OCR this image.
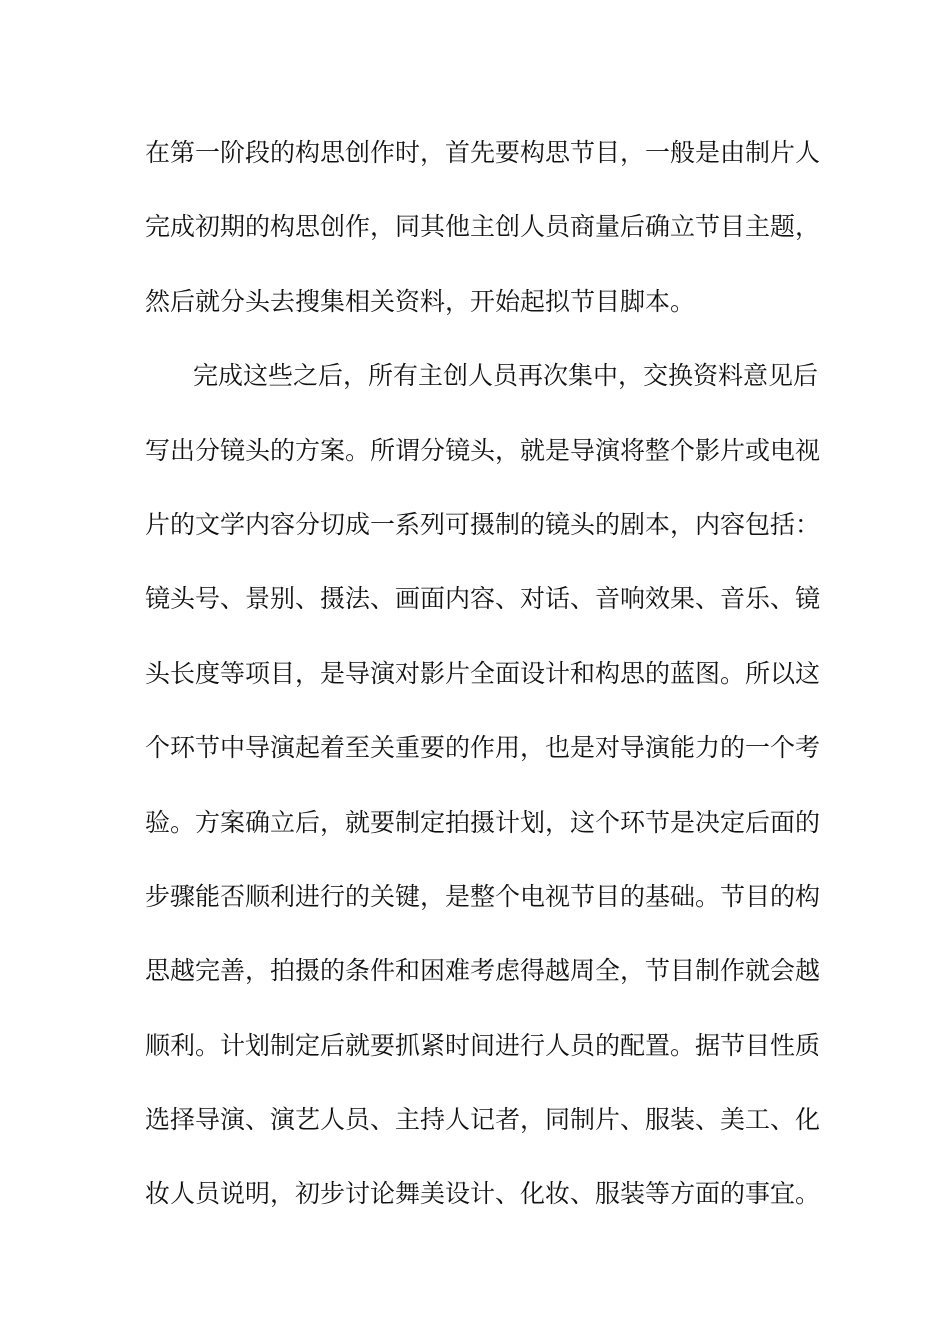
在第一阶段的构思创作时，首先要构思节目，一般是由制片人
完成初期的构思创作，同其他主创人员商量后确立节目主题，
然后就分头去搜集相关资料，开始起拟节目脚本。
完成这些之后，所有主创人员再次集中，交换资料意见后
写出分镜头的方案。所谓分镜头，就是导演将整个影片或电视
片的文学内容分切成一系列可摄制的镜头的剧本，内容包括：
镜头号、景别、摄法、画面内容、对话、音响效果、音乐、镜
头长度等项目，是导演对影片全面设计和构思的蓝图。所以这
个环节中导演起着至关重要的作用，也是对导演能力的一个考
验。方案确立后，就要制定拍摄计划，这个环节是决定后面的
步骤能否顺利进行的关键，是整个电视节目的基础。节目的构
思越完善，拍摄的条件和困难考虑得越周全，节目制作就会越
顺利。计划制定后就要抓紧时间进行人员的配置。据节目性质
选择导演、演艺人员、主持人记者，同制片、服装、美工、化
妆人员说明，初步讨论舞美设计、化妆、服装等方面的事宜。
